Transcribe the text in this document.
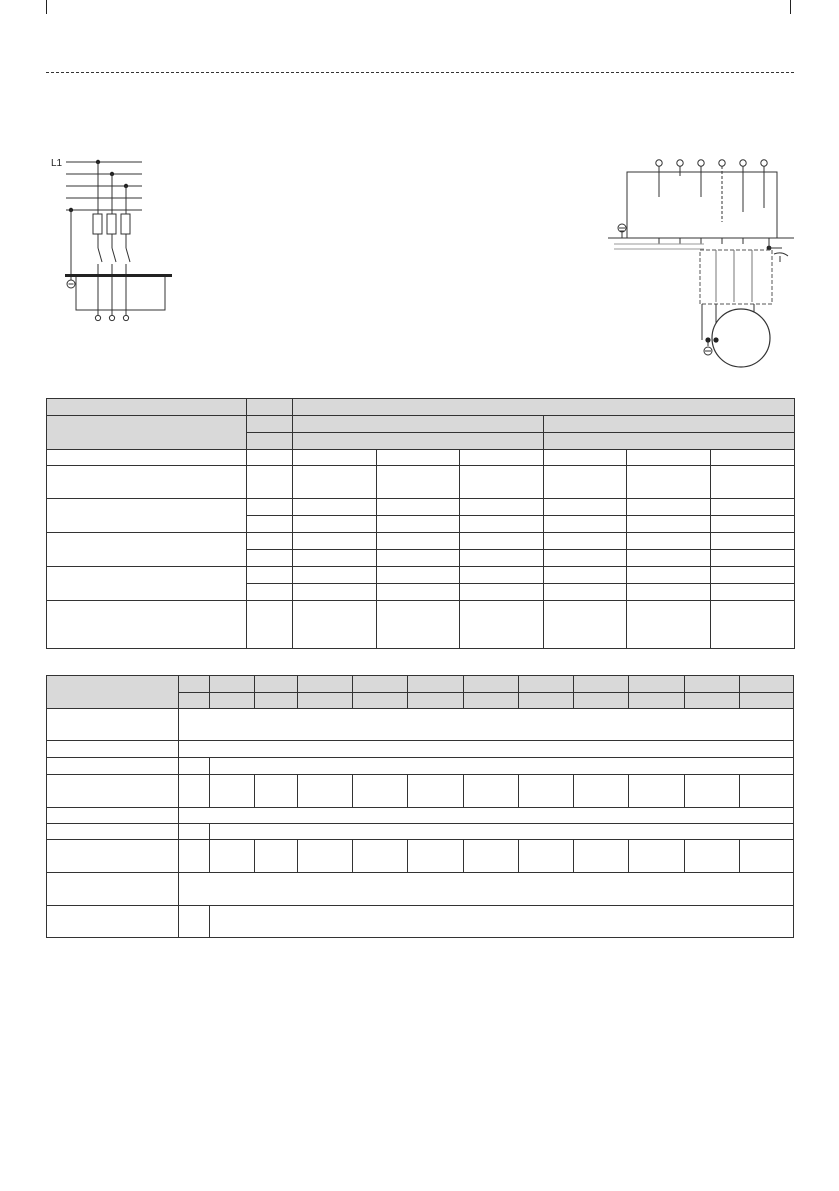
L1
